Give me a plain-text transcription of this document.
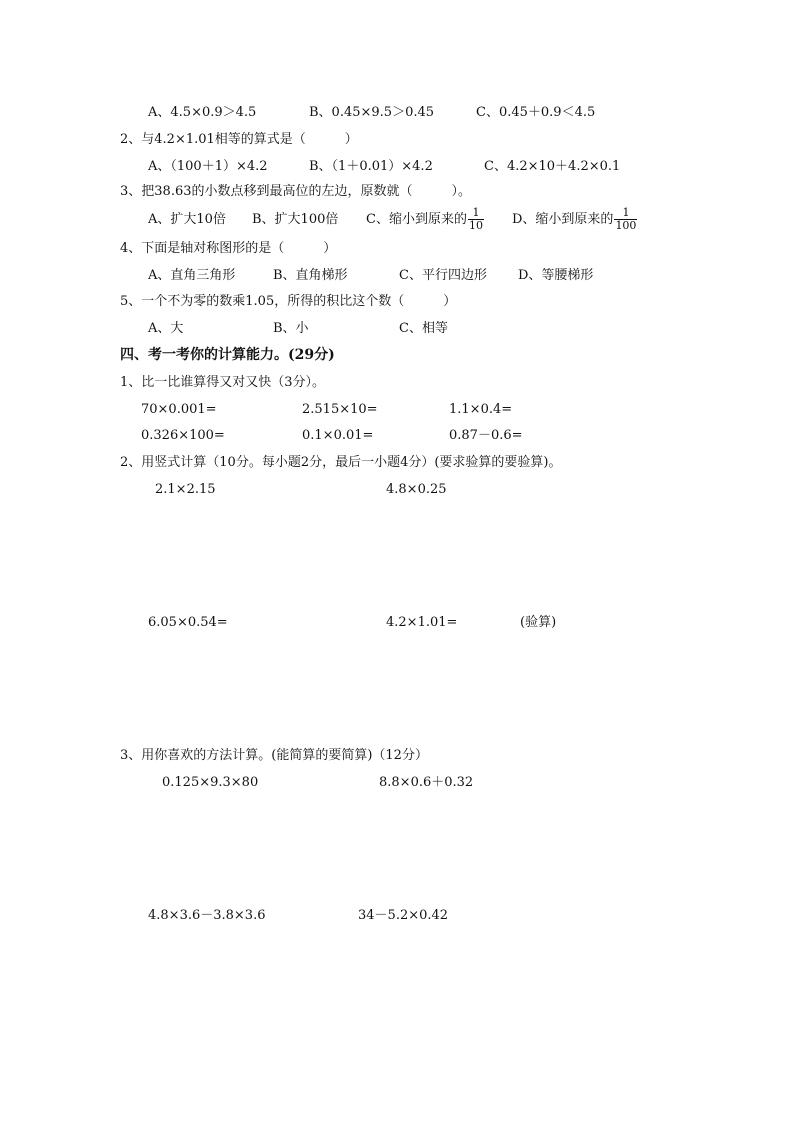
A、4.5×0.9＞4.5	B、0.45×9.5＞0.45	C、0.45＋0.9＜4.5
2、与4.2×1.01相等的算式是（　　　）
A、（100＋1）×4.2	B、（1＋0.01）×4.2	C、4.2×10＋4.2×0.1
3、把38.63的小数点移到最高位的左边，原数就（　　　）。
A、扩大10倍 B、扩大100倍 C、缩小到原来的 $\frac{1}{10}$ D、缩小到原来的 $\frac{1}{100}$
4、下面是轴对称图形的是（　　　）
A、直角三角形	B、直角梯形	C、平行四边形 D、等腰梯形
5、一个不为零的数乘1.05，所得的积比这个数（　　　）
A、大	B、小	C、相等
四、考一考你的计算能力。(29分)
1、比一比谁算得又对又快（3分）。
70×0.001=	2.515×10=	1.1×0.4=
0.326×100=	0.1×0.01=	0.87－0.6=
2、用竖式计算（10分。每小题2分，最后一小题4分）(要求验算的要验算)。
2.1×2.15	4.8×0.25
6.05×0.54=	4.2×1.01=	(验算)
3、用你喜欢的方法计算。(能简算的要简算)（12分）
0.125×9.3×80	8.8×0.6＋0.32
4.8×3.6－3.8×3.6	34－5.2×0.42
